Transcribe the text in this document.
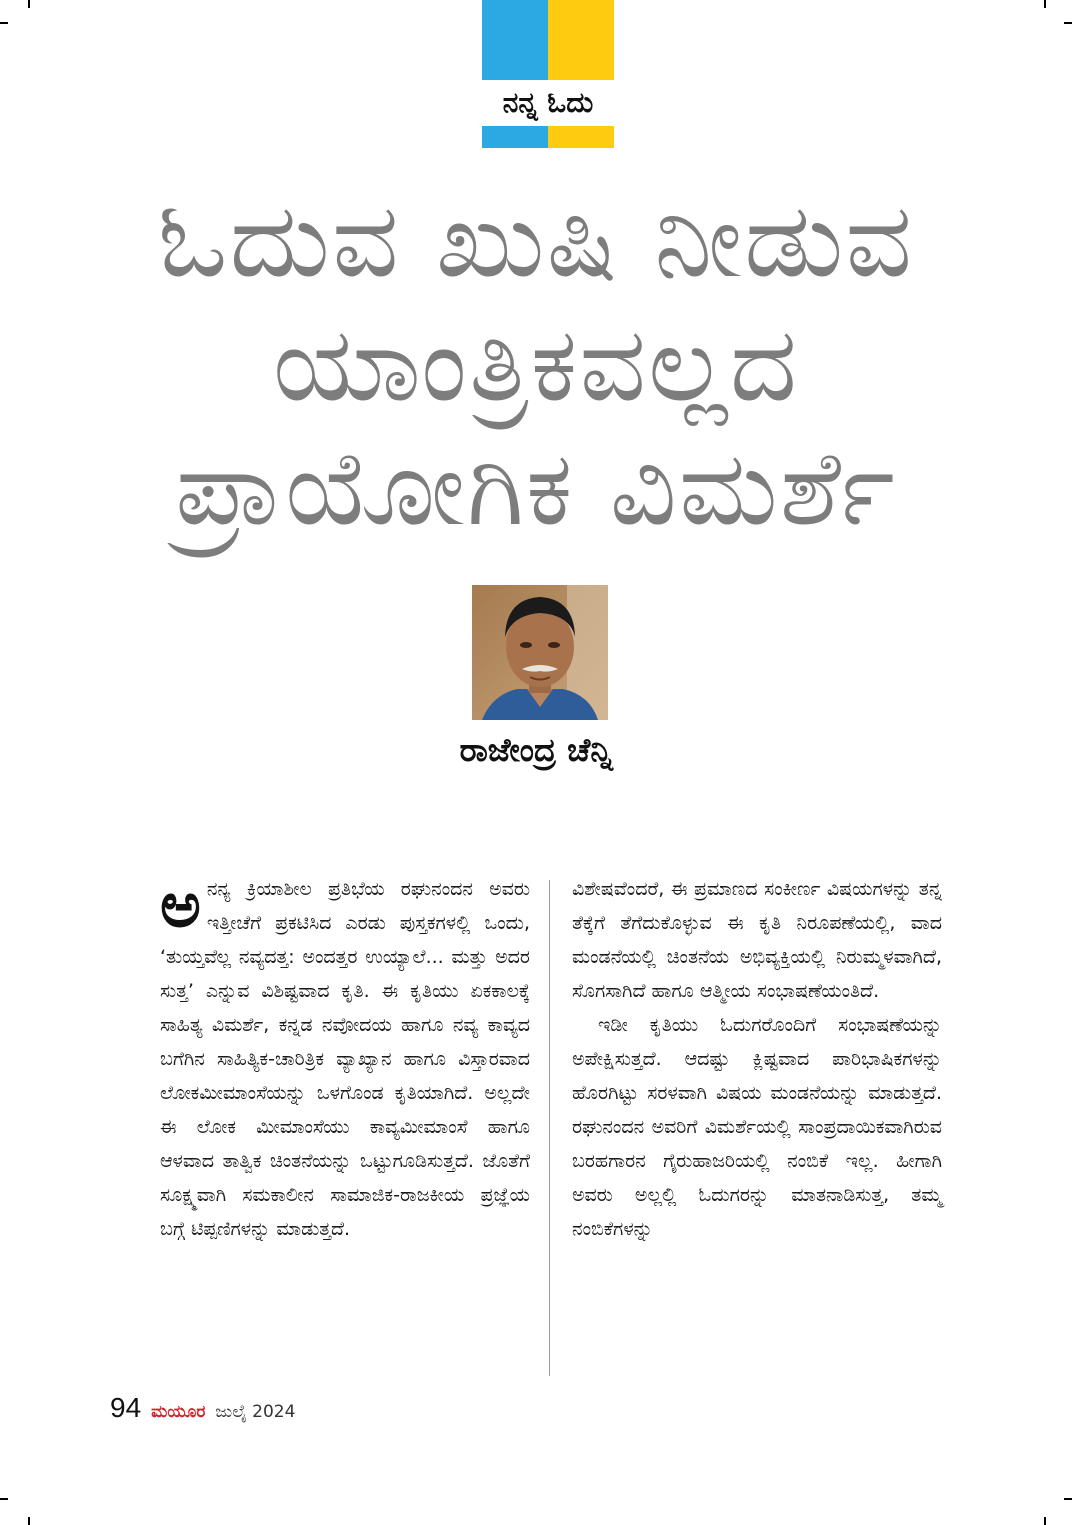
ನನ್ನ ಓದು
ಓದುವ ಖುಷಿ ನೀಡುವ
ಯಾಂತ್ರಿಕವಲ್ಲದ
ಪ್ರಾಯೋಗಿಕ ವಿಮರ್ಶೆ
ರಾಜೇಂದ್ರ ಚೆನ್ನಿ
ಅ ನನ್ಯ ಕ್ರಿಯಾಶೀಲ ಪ್ರತಿಭೆಯ ರಘುನಂದನ ಅವರು ಇತ್ತೀಚೆಗೆ ಪ್ರಕಟಿಸಿದ ಎರಡು ಪುಸ್ತಕಗಳಲ್ಲಿ ಒಂದು, ‘ತುಯ್ತವೆಲ್ಲ ನವ್ಯದತ್ತ: ಅಂದತ್ತರ ಉಯ್ಯಾಲೆ... ಮತ್ತು ಅದರ ಸುತ್ತ’ ಎನ್ನುವ ವಿಶಿಷ್ಟವಾದ ಕೃತಿ. ಈ ಕೃತಿಯು ಏಕಕಾಲಕ್ಕೆ ಸಾಹಿತ್ಯ ವಿಮರ್ಶೆ, ಕನ್ನಡ ನವೋದಯ ಹಾಗೂ ನವ್ಯ ಕಾವ್ಯದ ಬಗೆಗಿನ ಸಾಹಿತ್ಯಿಕ-ಚಾರಿತ್ರಿಕ ವ್ಯಾಖ್ಯಾನ ಹಾಗೂ ವಿಸ್ತಾರವಾದ ಲೋಕಮೀಮಾಂಸೆಯನ್ನು ಒಳಗೊಂಡ ಕೃತಿಯಾಗಿದೆ. ಅಲ್ಲದೇ ಈ ಲೋಕ ಮೀಮಾಂಸೆಯು ಕಾವ್ಯಮೀಮಾಂಸೆ ಹಾಗೂ ಆಳವಾದ ತಾತ್ವಿಕ ಚಿಂತನೆಯನ್ನು ಒಟ್ಟುಗೂಡಿಸುತ್ತದೆ. ಜೊತೆಗೆ ಸೂಕ್ಷ್ಮವಾಗಿ ಸಮಕಾಲೀನ ಸಾಮಾಜಿಕ-ರಾಜಕೀಯ ಪ್ರಜ್ಞೆಯ ಬಗ್ಗೆ ಟಿಪ್ಪಣಿಗಳನ್ನು ಮಾಡುತ್ತದೆ.

ವಿಶೇಷವೆಂದರೆ, ಈ ಪ್ರಮಾಣದ ಸಂಕೀರ್ಣ ವಿಷಯಗಳನ್ನು ತನ್ನ ತೆಕ್ಕೆಗೆ ತೆಗೆದುಕೊಳ್ಳುವ ಈ ಕೃತಿ ನಿರೂಪಣೆಯಲ್ಲಿ, ವಾದ ಮಂಡನೆಯಲ್ಲಿ ಚಿಂತನೆಯ ಅಭಿವ್ಯಕ್ತಿಯಲ್ಲಿ ನಿರುಮ್ಮಳವಾಗಿದೆ, ಸೊಗಸಾಗಿದೆ ಹಾಗೂ ಆತ್ಮೀಯ ಸಂಭಾಷಣೆಯಂತಿದೆ.

ಇಡೀ ಕೃತಿಯು ಓದುಗರೊಂದಿಗೆ ಸಂಭಾಷಣೆಯನ್ನು ಅಪೇಕ್ಷಿಸುತ್ತದೆ. ಆದಷ್ಟು ಕ್ಲಿಷ್ಟವಾದ ಪಾರಿಭಾಷಿಕಗಳನ್ನು ಹೊರಗಿಟ್ಟು ಸರಳವಾಗಿ ವಿಷಯ ಮಂಡನೆಯನ್ನು ಮಾಡುತ್ತದೆ. ರಘುನಂದನ ಅವರಿಗೆ ವಿಮರ್ಶೆಯಲ್ಲಿ ಸಾಂಪ್ರದಾಯಿಕವಾಗಿರುವ ಬರಹಗಾರನ ಗೈರುಹಾಜರಿಯಲ್ಲಿ ನಂಬಿಕೆ ಇಲ್ಲ. ಹೀಗಾಗಿ ಅವರು ಅಲ್ಲಲ್ಲಿ ಓದುಗರನ್ನು ಮಾತನಾಡಿಸುತ್ತ, ತಮ್ಮ ನಂಬಿಕೆಗಳನ್ನು

94 ಮಯೂರ ಜುಲೈ 2024
